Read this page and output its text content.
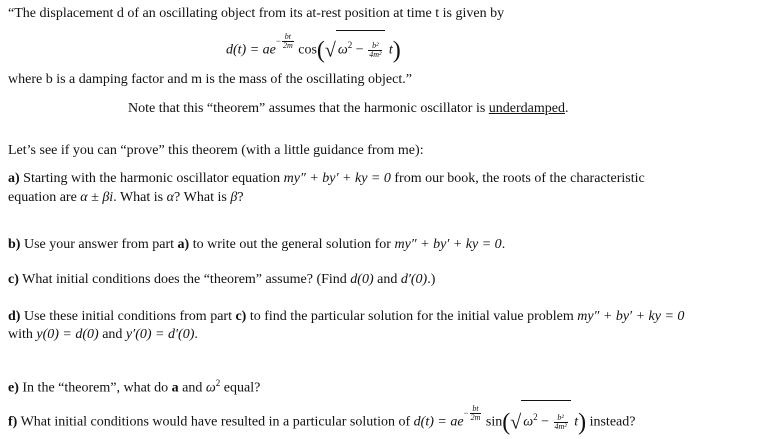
“The displacement d of an oscillating object from its at-rest position at time t is given by
$d(t) = ae^{- \frac{bt}{2m}}$
cos(√ $\omega^2 - \frac{\text{b²}}{\text{4m²}} t$)
where b is a damping factor and m is the mass of the oscillating object.”
Note that this “theorem” assumes that the harmonic oscillator is underdamped.
Let’s see if you can “prove” this theorem (with a little guidance from me):
a) Starting with the harmonic oscillator equation my″ + by′ + ky = 0 from our book, the roots of the characteristic
equation are α ± βi. What is α? What is β?
b) Use your answer from part a) to write out the general solution for my″ + by′ + ky = 0.
c) What initial conditions does the “theorem” assume? (Find d(0) and d′(0).)
d) Use these initial conditions from part c) to find the particular solution for the initial value problem my″ + by′ + ky = 0
with y(0) = d(0) and y′(0) = d′(0).
e) In the “theorem”, what do a and $\omega^2$ equal?
f) What initial conditions would have resulted in a particular solution of $d(t) = ae^{- \frac{bt}{2m}}$
sin(√ $\omega^2 - \frac{\text{b²}}{\text{4m²}} t$) instead?
